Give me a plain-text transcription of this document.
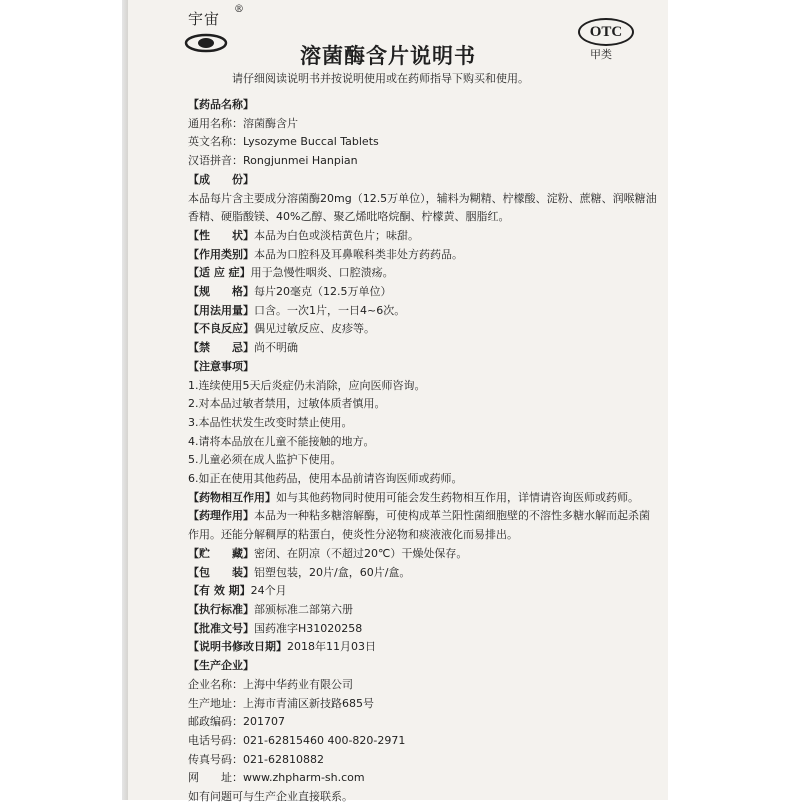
宇宙
®
OTC
甲类
溶菌酶含片说明书
请仔细阅读说明书并按说明使用或在药师指导下购买和使用。
【药品名称】
通用名称：溶菌酶含片
英文名称：Lysozyme Buccal Tablets
汉语拼音：Rongjunmei Hanpian
【成　　份】
本品每片含主要成分溶菌酶20mg（12.5万单位），辅料为糊精、柠檬酸、淀粉、蔗糖、润喉糖油香精、硬脂酸镁、40%乙醇、聚乙烯吡咯烷酮、柠檬黄、胭脂红。
【性　　状】本品为白色或淡桔黄色片；味甜。
【作用类别】本品为口腔科及耳鼻喉科类非处方药药品。
【适 应 症】用于急慢性咽炎、口腔溃疡。
【规　　格】每片20毫克（12.5万单位）
【用法用量】口含。一次1片，一日4~6次。
【不良反应】偶见过敏反应、皮疹等。
【禁　　忌】尚不明确
【注意事项】
1.连续使用5天后炎症仍未消除，应向医师咨询。
2.对本品过敏者禁用，过敏体质者慎用。
3.本品性状发生改变时禁止使用。
4.请将本品放在儿童不能接触的地方。
5.儿童必须在成人监护下使用。
6.如正在使用其他药品，使用本品前请咨询医师或药师。
【药物相互作用】如与其他药物同时使用可能会发生药物相互作用，详情请咨询医师或药师。
【药理作用】本品为一种粘多糖溶解酶，可使构成革兰阳性菌细胞壁的不溶性多糖水解而起杀菌作用。还能分解稠厚的粘蛋白，使炎性分泌物和痰液液化而易排出。
【贮　　藏】密闭、在阴凉（不超过20℃）干燥处保存。
【包　　装】铝塑包装，20片/盒，60片/盒。
【有 效 期】24个月
【执行标准】部颁标准二部第六册
【批准文号】国药准字H31020258
【说明书修改日期】2018年11月03日
【生产企业】
企业名称：上海中华药业有限公司
生产地址：上海市青浦区新技路685号
邮政编码：201707
电话号码：021-62815460 400-820-2971
传真号码：021-62810882
网　　址：www.zhpharm-sh.com
如有问题可与生产企业直接联系。
